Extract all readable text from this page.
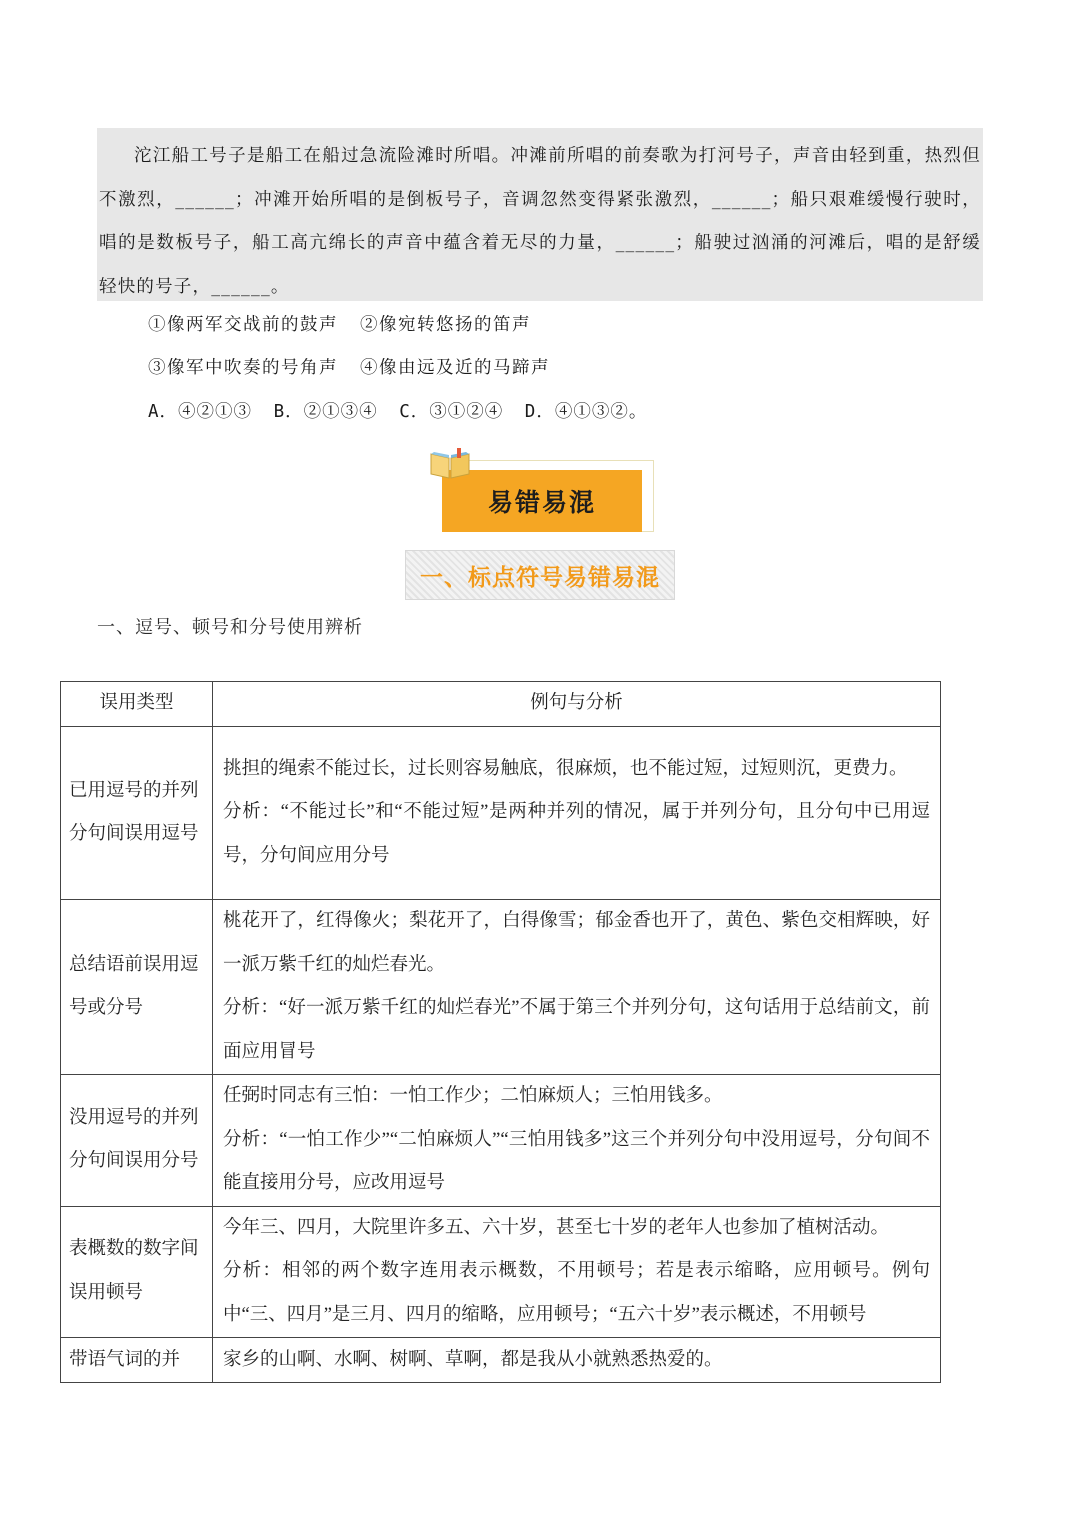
沱江船工号子是船工在船过急流险滩时所唱。冲滩前所唱的前奏歌为打河号子，声音由轻到重，热烈但不激烈，______；冲滩开始所唱的是倒板号子，音调忽然变得紧张激烈，______；船只艰难缓慢行驶时，唱的是数板号子，船工高亢绵长的声音中蕴含着无尽的力量，______；船驶过汹涌的河滩后，唱的是舒缓轻快的号子，______。

①像两军交战前的鼓声 ②像宛转悠扬的笛声
③像军中吹奏的号角声 ④像由远及近的马蹄声
A．④②①③ B．②①③④ C．③①②④ D．④①③②。
易错易混
一、标点符号易错易混
一、逗号、顿号和分号使用辨析
误用类型	例句与分析
已用逗号的并列分句间误用逗号	挑担的绳索不能过长，过长则容易触底，很麻烦，也不能过短，过短则沉，更费力。

分析：“不能过长”和“不能过短”是两种并列的情况，属于并列分句，且分句中已用逗号，分句间应用分号

总结语前误用逗号或分号	桃花开了，红得像火；梨花开了，白得像雪；郁金香也开了，黄色、紫色交相辉映，好一派万紫千红的灿烂春光。

分析：“好一派万紫千红的灿烂春光”不属于第三个并列分句，这句话用于总结前文，前面应用冒号

没用逗号的并列分句间误用分号	任弼时同志有三怕：一怕工作少；二怕麻烦人；三怕用钱多。

分析：“一怕工作少”“二怕麻烦人”“三怕用钱多”这三个并列分句中没用逗号，分句间不能直接用分号，应改用逗号

表概数的数字间误用顿号	今年三、四月，大院里许多五、六十岁，甚至七十岁的老年人也参加了植树活动。

分析：相邻的两个数字连用表示概数，不用顿号；若是表示缩略，应用顿号。例句中“三、四月”是三月、四月的缩略，应用顿号；“五六十岁”表示概述，不用顿号

带语气词的并	家乡的山啊、水啊、树啊、草啊，都是我从小就熟悉热爱的。
